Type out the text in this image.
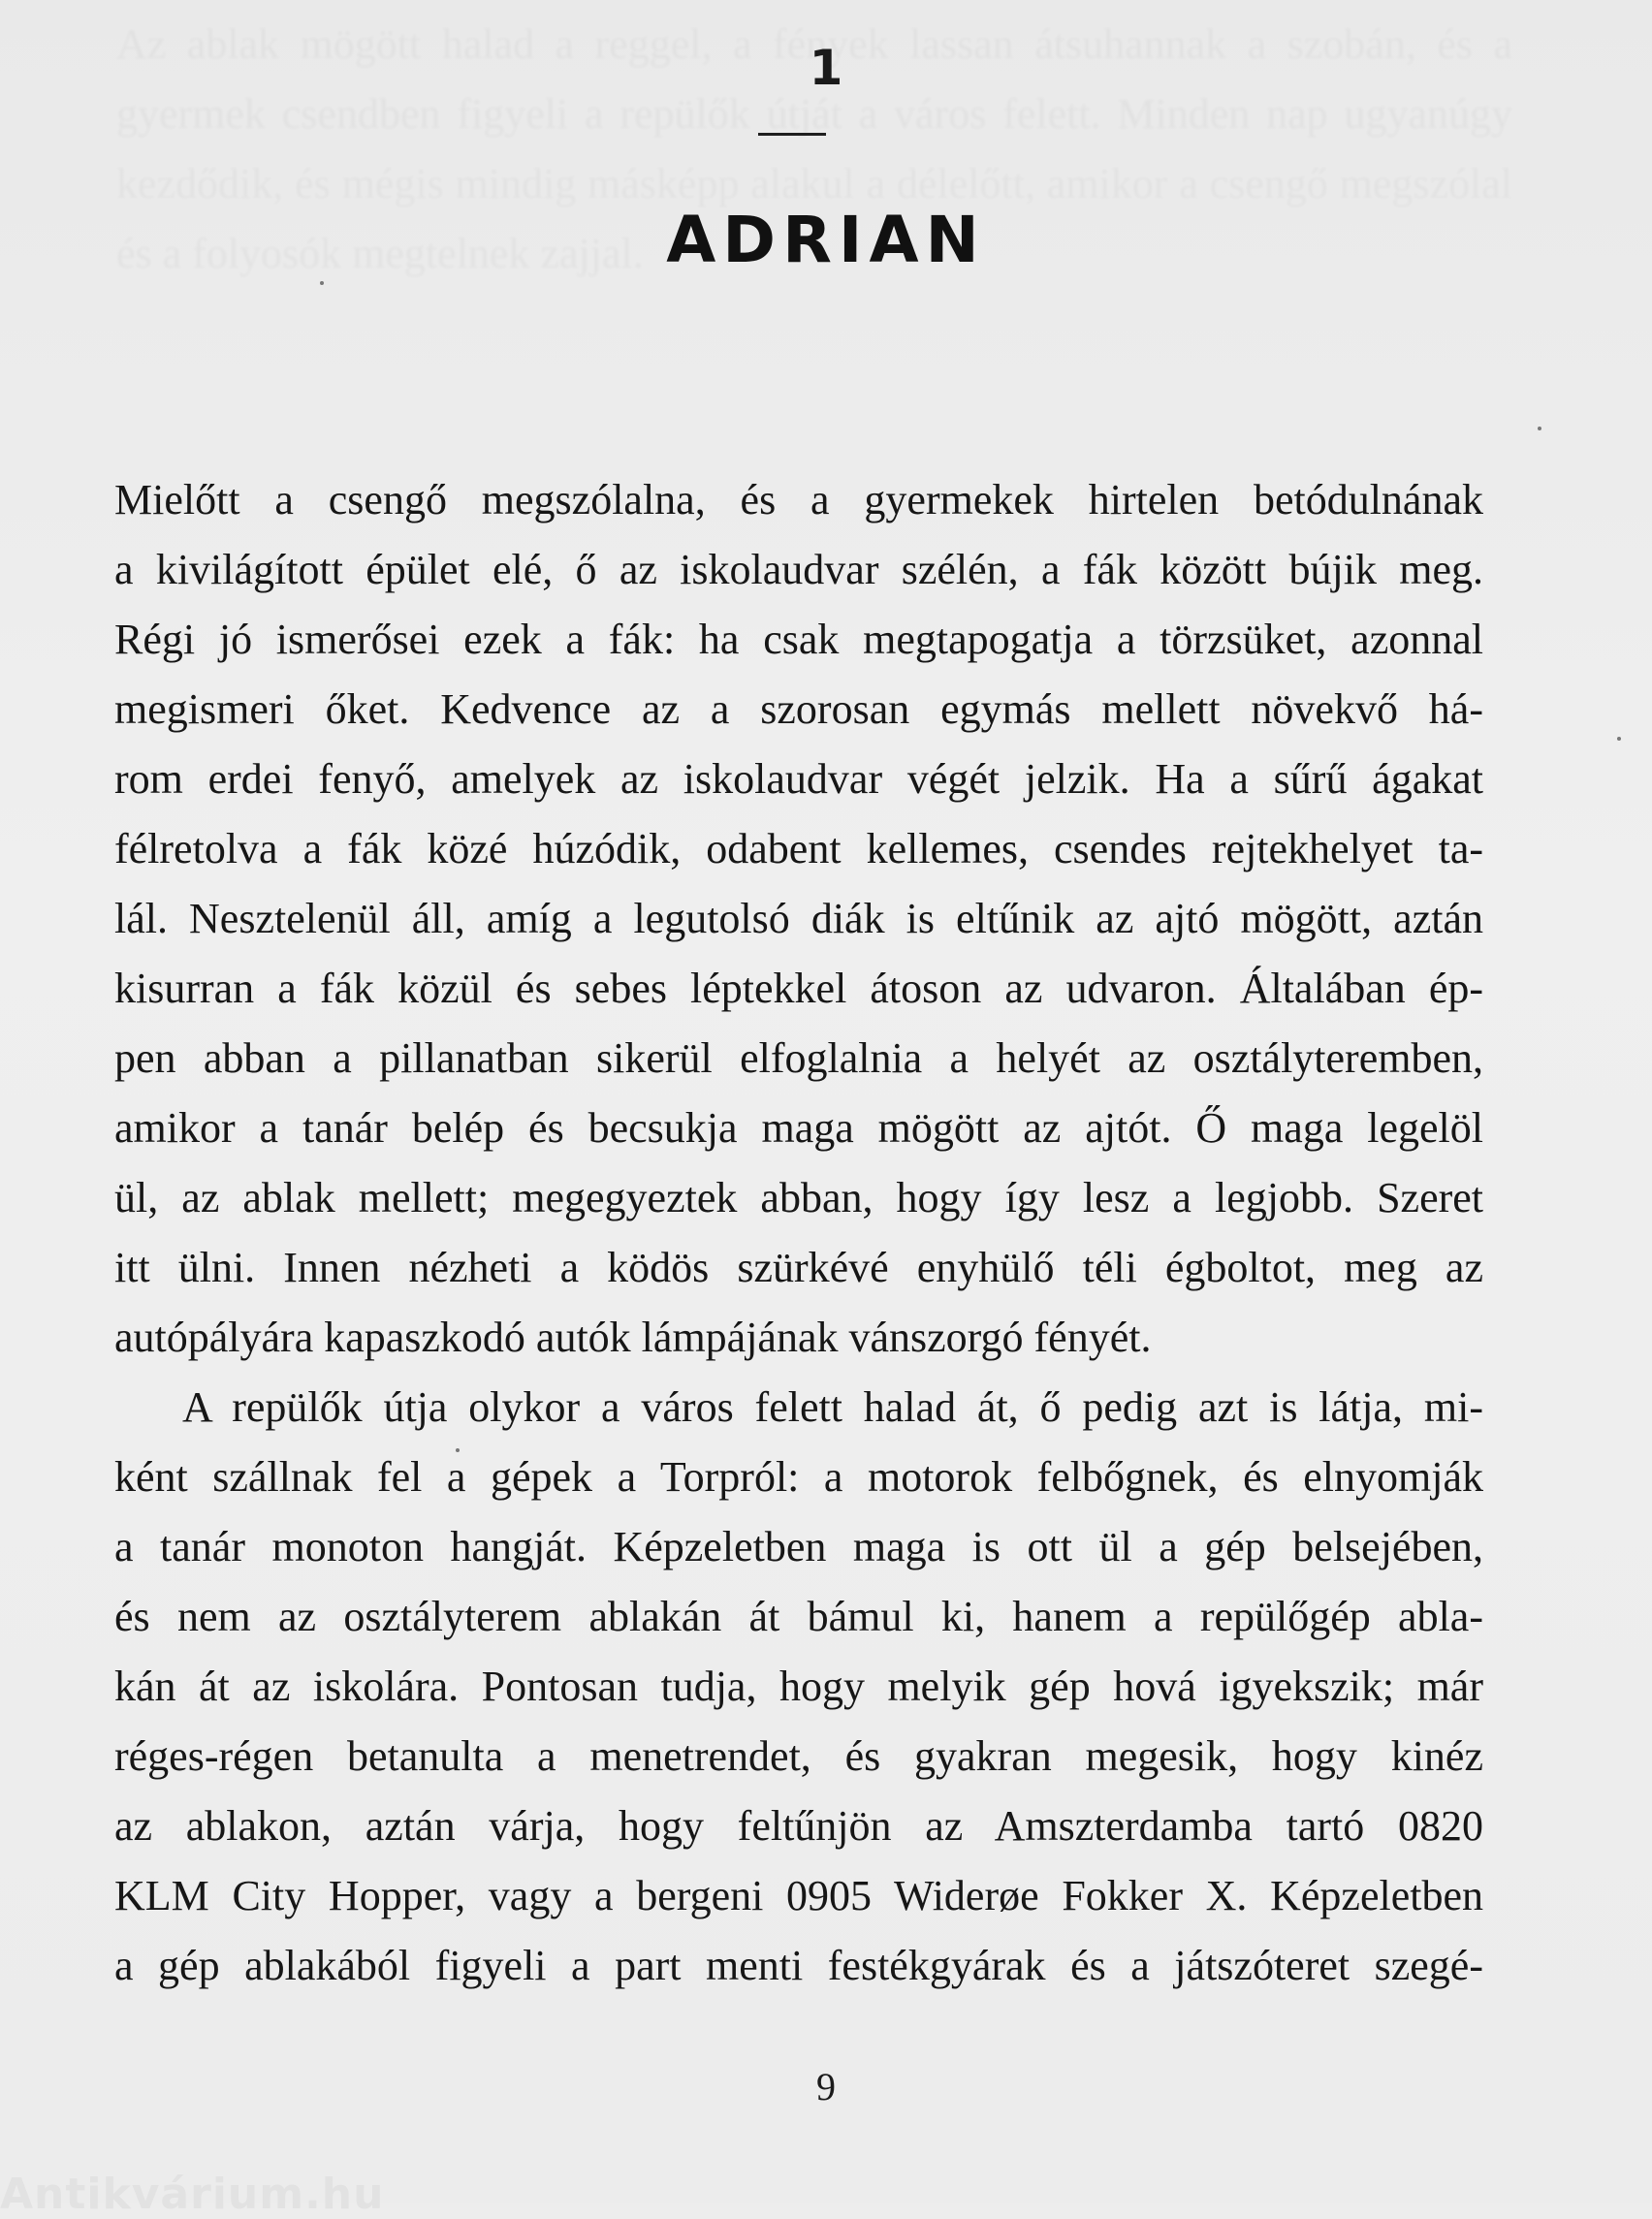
1
ADRIAN
Mielőtt a csengő megszólalna, és a gyermekek hirtelen betódulnának
a kivilágított épület elé, ő az iskolaudvar szélén, a fák között bújik meg.
Régi jó ismerősei ezek a fák: ha csak megtapogatja a törzsüket, azonnal
megismeri őket. Kedvence az a szorosan egymás mellett növekvő há-
rom erdei fenyő, amelyek az iskolaudvar végét jelzik. Ha a sűrű ágakat
félretolva a fák közé húzódik, odabent kellemes, csendes rejtekhelyet ta-
lál. Nesztelenül áll, amíg a legutolsó diák is eltűnik az ajtó mögött, aztán
kisurran a fák közül és sebes léptekkel átoson az udvaron. Általában ép-
pen abban a pillanatban sikerül elfoglalnia a helyét az osztályteremben,
amikor a tanár belép és becsukja maga mögött az ajtót. Ő maga legelöl
ül, az ablak mellett; megegyeztek abban, hogy így lesz a legjobb. Szeret
itt ülni. Innen nézheti a ködös szürkévé enyhülő téli égboltot, meg az
autópályára kapaszkodó autók lámpájának vánszorgó fényét.
A repülők útja olykor a város felett halad át, ő pedig azt is látja, mi-
ként szállnak fel a gépek a Torpról: a motorok felbőgnek, és elnyomják
a tanár monoton hangját. Képzeletben maga is ott ül a gép belsejében,
és nem az osztályterem ablakán át bámul ki, hanem a repülőgép abla-
kán át az iskolára. Pontosan tudja, hogy melyik gép hová igyekszik; már
réges-régen betanulta a menetrendet, és gyakran megesik, hogy kinéz
az ablakon, aztán várja, hogy feltűnjön az Amszterdamba tartó 0820
KLM City Hopper, vagy a bergeni 0905 Widerøe Fokker X. Képzeletben
a gép ablakából figyeli a part menti festékgyárak és a játszóteret szegé-
9
Antikvárium.hu
